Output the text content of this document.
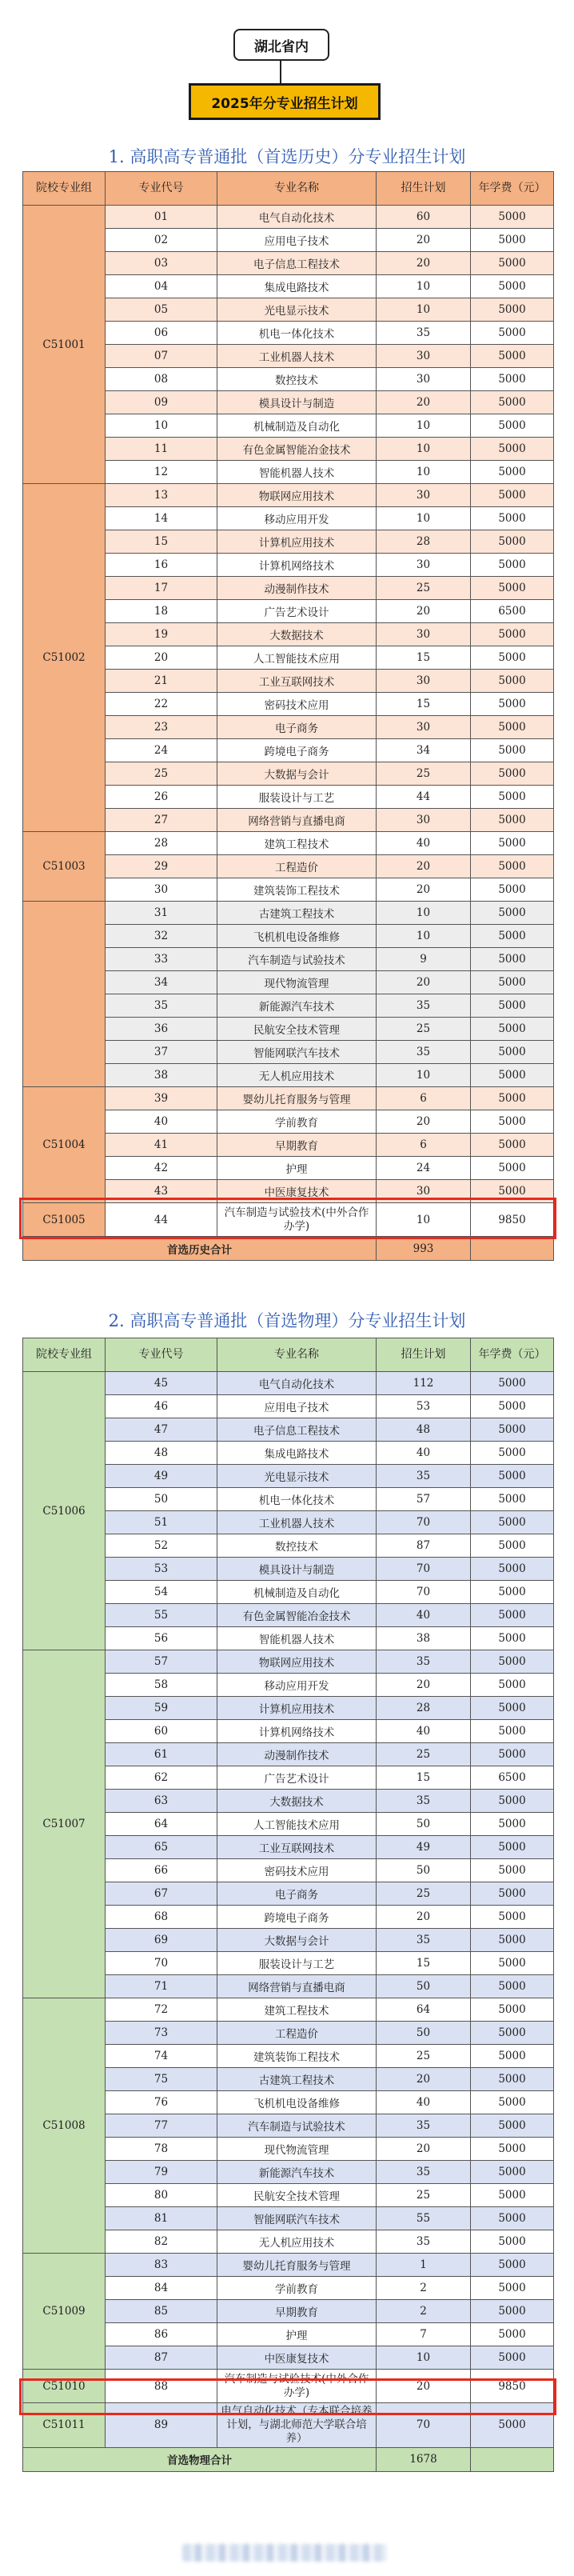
湖北省内
2025年分专业招生计划
1. 高职高专普通批（首选历史）分专业招生计划
院校专业组	专业代号	专业名称	招生计划	年学费（元）
C51001	01	电气自动化技术	60	5000
	02	应用电子技术	20	5000
	03	电子信息工程技术	20	5000
	04	集成电路技术	10	5000
	05	光电显示技术	10	5000
	06	机电一体化技术	35	5000
	07	工业机器人技术	30	5000
	08	数控技术	30	5000
	09	模具设计与制造	20	5000
	10	机械制造及自动化	10	5000
	11	有色金属智能冶金技术	10	5000
	12	智能机器人技术	10	5000
C51002	13	物联网应用技术	30	5000
	14	移动应用开发	10	5000
	15	计算机应用技术	28	5000
	16	计算机网络技术	30	5000
	17	动漫制作技术	25	5000
	18	广告艺术设计	20	6500
	19	大数据技术	30	5000
	20	人工智能技术应用	15	5000
	21	工业互联网技术	30	5000
	22	密码技术应用	15	5000
	23	电子商务	30	5000
	24	跨境电子商务	34	5000
	25	大数据与会计	25	5000
	26	服装设计与工艺	44	5000
	27	网络营销与直播电商	30	5000
C51003	28	建筑工程技术	40	5000
	29	工程造价	20	5000
	30	建筑装饰工程技术	20	5000
	31	古建筑工程技术	10	5000
	32	飞机机电设备维修	10	5000
	33	汽车制造与试验技术	9	5000
	34	现代物流管理	20	5000
	35	新能源汽车技术	35	5000
	36	民航安全技术管理	25	5000
	37	智能网联汽车技术	35	5000
	38	无人机应用技术	10	5000
C51004	39	婴幼儿托育服务与管理	6	5000
	40	学前教育	20	5000
	41	早期教育	6	5000
	42	护理	24	5000
	43	中医康复技术	30	5000
C51005	44	汽车制造与试验技术(中外合作办学)	10	9850
首选历史合计			993	
2. 高职高专普通批（首选物理）分专业招生计划
院校专业组	专业代号	专业名称	招生计划	年学费（元）
C51006	45	电气自动化技术	112	5000
	46	应用电子技术	53	5000
	47	电子信息工程技术	48	5000
	48	集成电路技术	40	5000
	49	光电显示技术	35	5000
	50	机电一体化技术	57	5000
	51	工业机器人技术	70	5000
	52	数控技术	87	5000
	53	模具设计与制造	70	5000
	54	机械制造及自动化	70	5000
	55	有色金属智能冶金技术	40	5000
	56	智能机器人技术	38	5000
C51007	57	物联网应用技术	35	5000
	58	移动应用开发	20	5000
	59	计算机应用技术	28	5000
	60	计算机网络技术	40	5000
	61	动漫制作技术	25	5000
	62	广告艺术设计	15	6500
	63	大数据技术	35	5000
	64	人工智能技术应用	50	5000
	65	工业互联网技术	49	5000
	66	密码技术应用	50	5000
	67	电子商务	25	5000
	68	跨境电子商务	20	5000
	69	大数据与会计	35	5000
	70	服装设计与工艺	15	5000
	71	网络营销与直播电商	50	5000
C51008	72	建筑工程技术	64	5000
	73	工程造价	50	5000
	74	建筑装饰工程技术	25	5000
	75	古建筑工程技术	20	5000
	76	飞机机电设备维修	40	5000
	77	汽车制造与试验技术	35	5000
	78	现代物流管理	20	5000
	79	新能源汽车技术	35	5000
	80	民航安全技术管理	25	5000
	81	智能网联汽车技术	55	5000
	82	无人机应用技术	35	5000
C51009	83	婴幼儿托育服务与管理	1	5000
	84	学前教育	2	5000
	85	早期教育	2	5000
	86	护理	7	5000
	87	中医康复技术	10	5000
C51010	88	汽车制造与试验技术(中外合作办学)	20	9850
C51011	89	电气自动化技术（专本联合培养计划，与湖北师范大学联合培养）	70	5000
首选物理合计			1678	
